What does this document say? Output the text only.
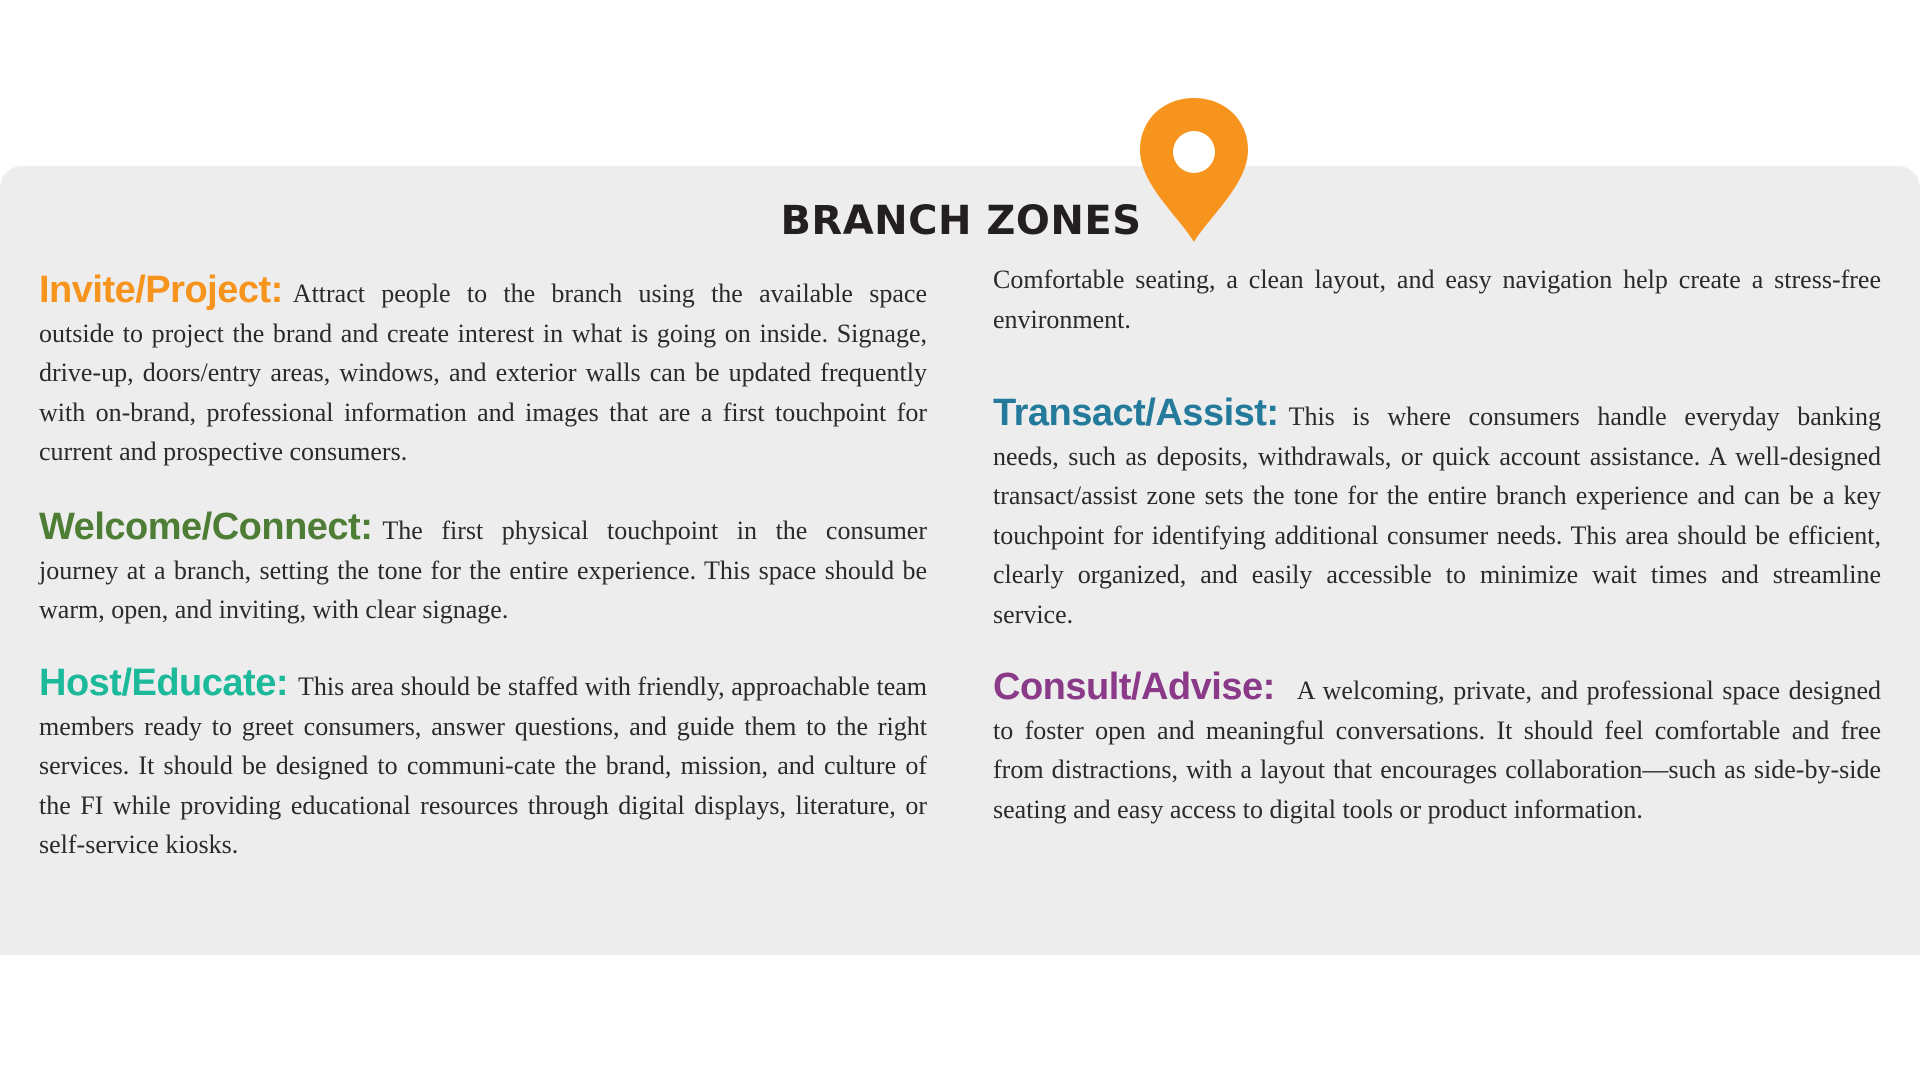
BRANCH ZONES

Invite/Project: Attract people to the branch using the available space outside to project the brand and create interest in what is going on inside. Signage, drive-up, doors/entry areas, windows, and exterior walls can be updated frequently with on-brand, professional information and images that are a first touchpoint for current and prospective consumers.

Welcome/Connect: The first physical touchpoint in the consumer journey at a branch, setting the tone for the entire experience. This space should be warm, open, and inviting, with clear signage.

Host/Educate: This area should be staffed with friendly, approachable team members ready to greet consumers, answer questions, and guide them to the right services. It should be designed to communi-cate the brand, mission, and culture of the FI while providing educational resources through digital displays, literature, or self-service kiosks.

Comfortable seating, a clean layout, and easy navigation help create a stress-free environment.

Transact/Assist: This is where consumers handle everyday banking needs, such as deposits, withdrawals, or quick account assistance. A well-designed transact/assist zone sets the tone for the entire branch experience and can be a key touchpoint for identifying additional consumer needs. This area should be efficient, clearly organized, and easily accessible to minimize wait times and streamline service.

Consult/Advise: A welcoming, private, and professional space designed to foster open and meaningful conversations. It should feel comfortable and free from distractions, with a layout that encourages collaboration—such as side-by-side seating and easy access to digital tools or product information.
